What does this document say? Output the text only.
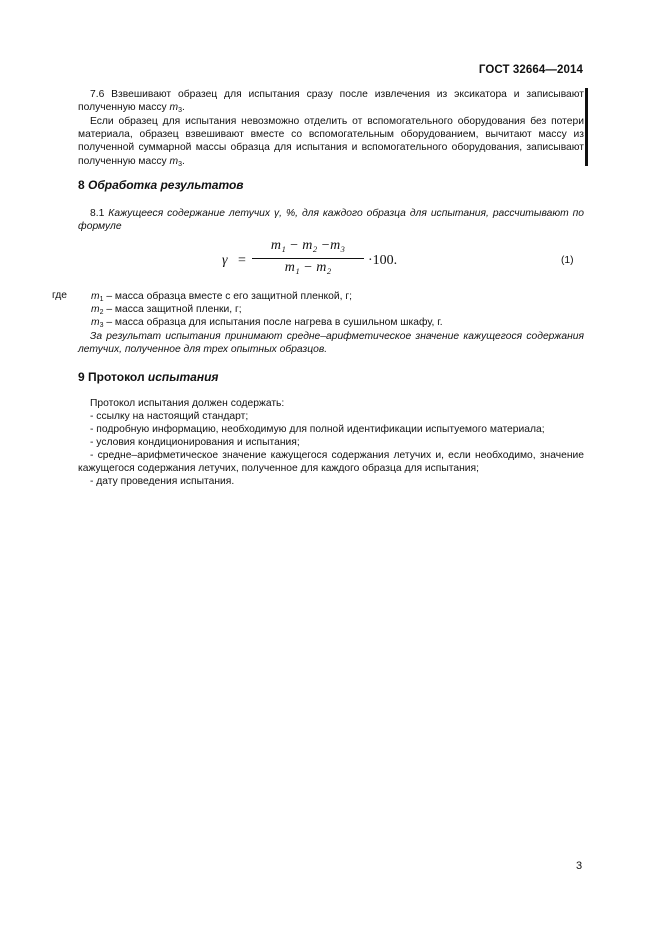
ГОСТ 32664—2014

7.6 Взвешивают образец для испытания сразу после извлечения из эксикатора и записывают полученную массу $m_3$.

Если образец для испытания невозможно отделить от вспомогательного оборудования без потери материала, образец взвешивают вместе со вспомогательным оборудованием, вычитают массу из полученной суммарной массы образца для испытания и вспомогательного оборудования, записывают полученную массу $m_3$.

8 Обработка результатов

8.1 Кажущееся содержание летучих γ, %, для каждого образца для испытания, рассчитывают по формуле

γ =
m₁ − m₂ −m₃
m₁ − m₂	·100.	(1)
где $m_1$ – масса образца вместе с его защитной пленкой, г;
$m_2$ – масса защитной пленки, г;
$m_3$ – масса образца для испытания после нагрева в сушильном шкафу, г.

За результат испытания принимают средне–арифметическое значение кажущегося содержания летучих, полученное для трех опытных образцов.

9 Протокол испытания

Протокол испытания должен содержать:

- ссылку на настоящий стандарт;

- подробную информацию, необходимую для полной идентификации испытуемого материала;

- условия кондиционирования и испытания;

- средне–арифметическое значение кажущегося содержания летучих и, если необходимо, значение кажущегося содержания летучих, полученное для каждого образца для испытания;

- дату проведения испытания.

3
